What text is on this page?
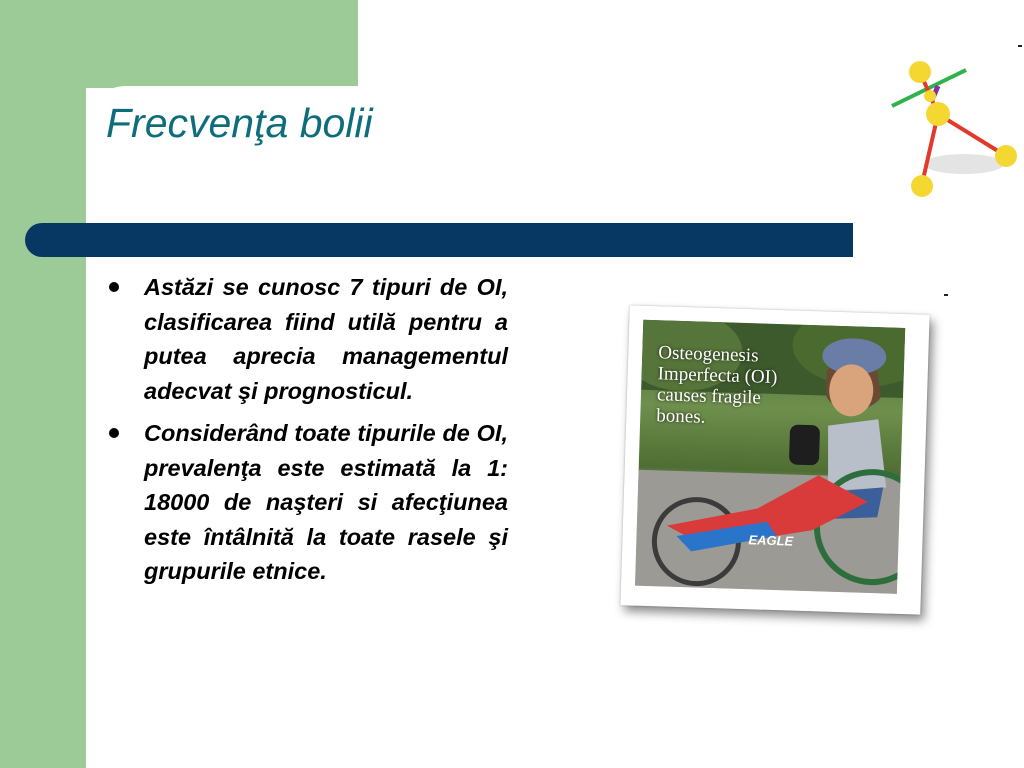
Frecvenţa bolii
Astăzi se cunosc 7 tipuri de OI, clasificarea fiind utilă pentru a putea aprecia managementul adecvat şi prognosticul.
Considerând toate tipurile de OI, prevalenţa este estimată la 1: 18000 de naşteri si afecţiunea este întâlnită la toate rasele şi grupurile etnice.
EAGLE
Osteogenesis
Imperfecta (OI)
causes fragile
bones.
